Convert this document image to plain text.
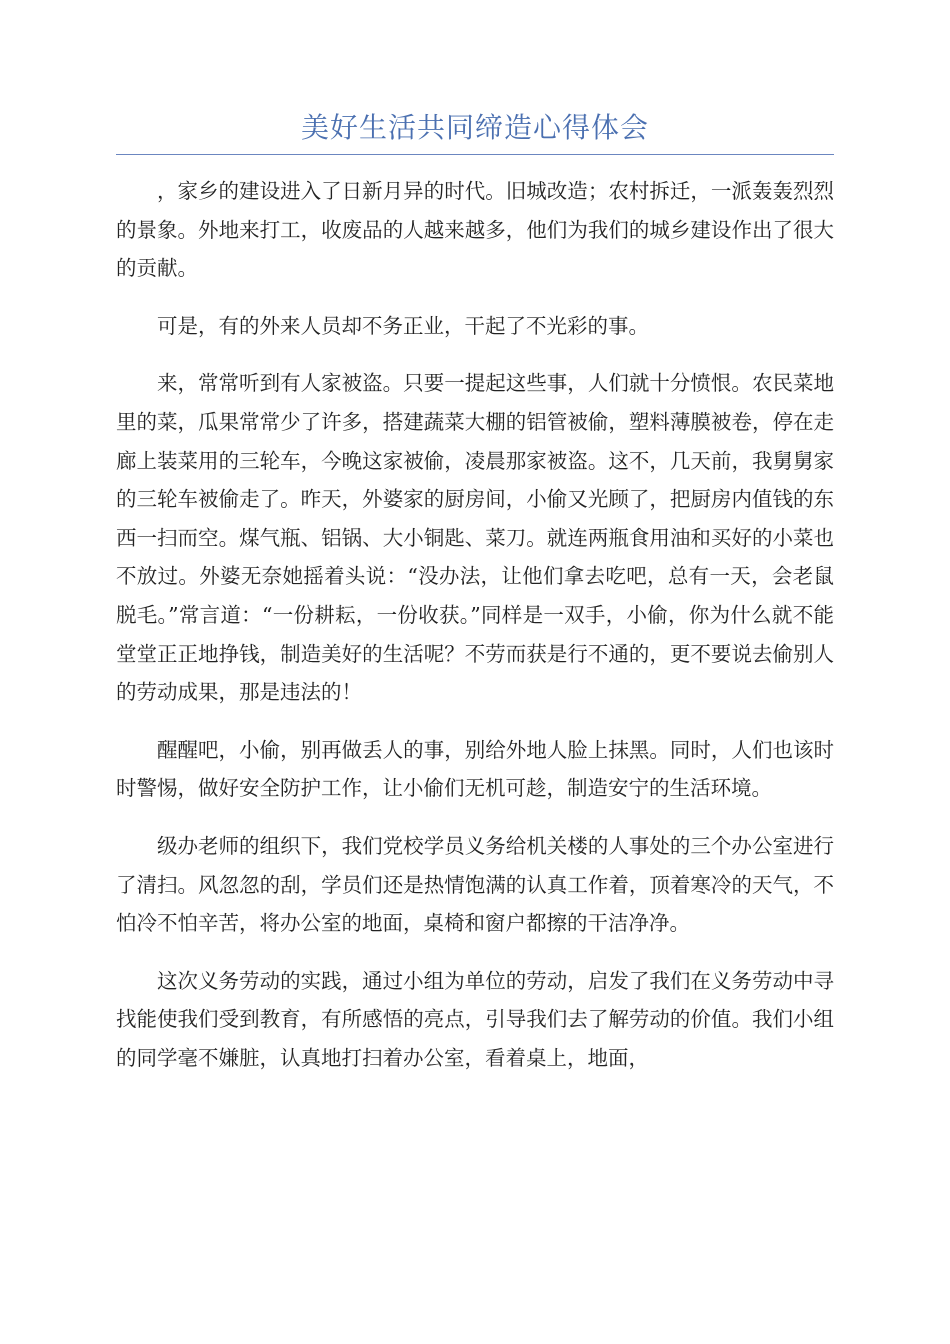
美好生活共同缔造心得体会

，家乡的建设进入了日新月异的时代。旧城改造；农村拆迁，一派轰轰烈烈的景象。外地来打工，收废品的人越来越多，他们为我们的城乡建设作出了很大的贡献。

可是，有的外来人员却不务正业，干起了不光彩的事。

来，常常听到有人家被盗。只要一提起这些事，人们就十分愤恨。农民菜地里的菜，瓜果常常少了许多，搭建蔬菜大棚的铝管被偷，塑料薄膜被卷，停在走廊上装菜用的三轮车，今晚这家被偷，凌晨那家被盗。这不，几天前，我舅舅家的三轮车被偷走了。昨天，外婆家的厨房间，小偷又光顾了，把厨房内值钱的东西一扫而空。煤气瓶、铝锅、大小铜匙、菜刀。就连两瓶食用油和买好的小菜也不放过。外婆无奈她摇着头说：“没办法，让他们拿去吃吧，总有一天，会老鼠脱毛。”常言道：“一份耕耘，一份收获。”同样是一双手，小偷，你为什么就不能堂堂正正地挣钱，制造美好的生活呢？不劳而获是行不通的，更不要说去偷别人的劳动成果，那是违法的！

醒醒吧，小偷，别再做丢人的事，别给外地人脸上抹黑。同时，人们也该时时警惕，做好安全防护工作，让小偷们无机可趁，制造安宁的生活环境。

级办老师的组织下，我们党校学员义务给机关楼的人事处的三个办公室进行了清扫。风忽忽的刮，学员们还是热情饱满的认真工作着，顶着寒冷的天气，不怕冷不怕辛苦，将办公室的地面，桌椅和窗户都擦的干洁净净。

这次义务劳动的实践，通过小组为单位的劳动，启发了我们在义务劳动中寻找能使我们受到教育，有所感悟的亮点，引导我们去了解劳动的价值。我们小组的同学毫不嫌脏，认真地打扫着办公室，看着桌上，地面，
